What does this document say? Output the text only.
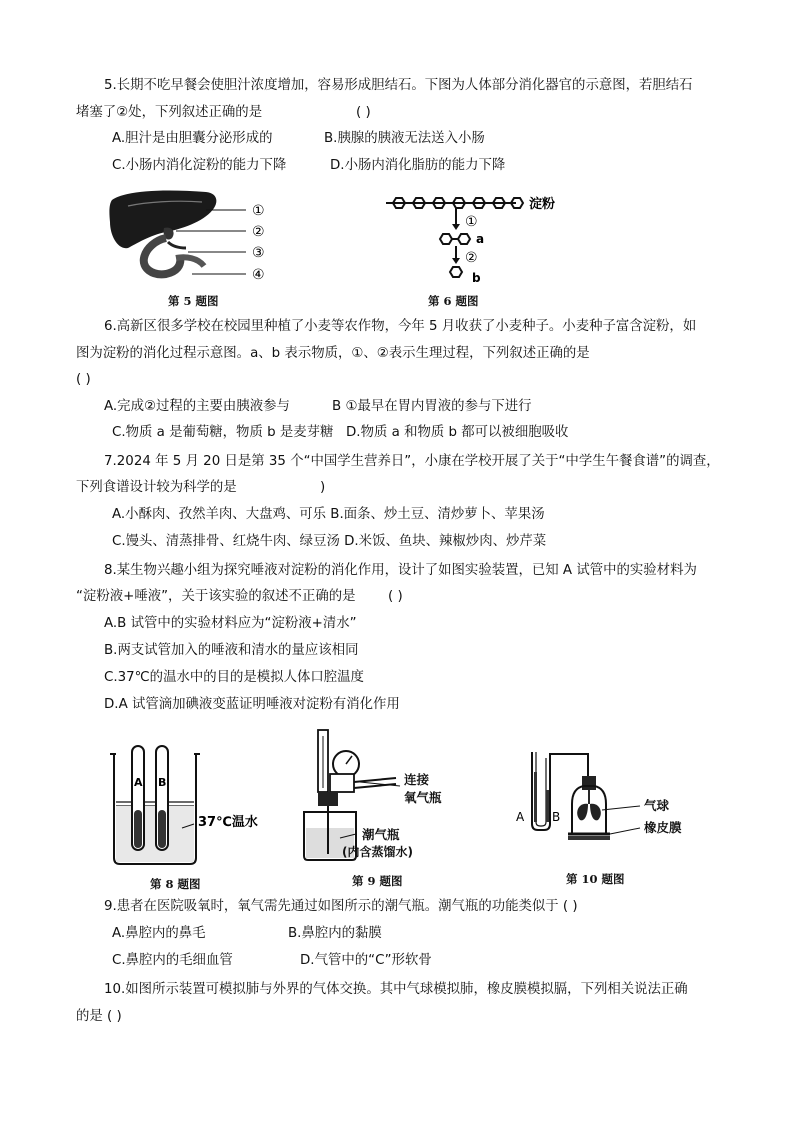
5.长期不吃早餐会使胆汁浓度增加，容易形成胆结石。下图为人体部分消化器官的示意图，若胆结石
堵塞了②处，下列叙述正确的是	( )
A.胆汁是由胆囊分泌形成的	B.胰腺的胰液无法送入小肠
C.小肠内消化淀粉的能力下降	D.小肠内消化脂肪的能力下降
①
②
③
④
第 5 题图
淀粉
①
a
②
b
第 6 题图
6.高新区很多学校在校园里种植了小麦等农作物，今年 5 月收获了小麦种子。小麦种子富含淀粉，如
图为淀粉的消化过程示意图。a、b 表示物质，①、②表示生理过程，下列叙述正确的是
( )
A.完成②过程的主要由胰液参与	B ①最早在胃内胃液的参与下进行
C.物质 a 是葡萄糖，物质 b 是麦芽糖 D.物质 a 和物质 b 都可以被细胞吸收
7.2024 年 5 月 20 日是第 35 个“中国学生营养日”，小康在学校开展了关于“中学生午餐食谱”的调查，
下列食谱设计较为科学的是	)
A.小酥肉、孜然羊肉、大盘鸡、可乐 B.面条、炒土豆、清炒萝卜、苹果汤
C.馒头、清蒸排骨、红烧牛肉、绿豆汤 D.米饭、鱼块、辣椒炒肉、炒芹菜
8.某生物兴趣小组为探究唾液对淀粉的消化作用，设计了如图实验装置，已知 A 试管中的实验材料为
“淀粉液+唾液”，关于该实验的叙述不正确的是 ( )
A.B 试管中的实验材料应为“淀粉液+清水”
B.两支试管加入的唾液和清水的量应该相同
C.37℃的温水中的目的是模拟人体口腔温度
D.A 试管滴加碘液变蓝证明唾液对淀粉有消化作用
A B
37℃温水
第 8 题图
连接
氧气瓶
潮气瓶
(内含蒸馏水)
第 9 题图
A B
气球
橡皮膜
第 10 题图
9.患者在医院吸氧时，氧气需先通过如图所示的潮气瓶。潮气瓶的功能类似于 ( )
A.鼻腔内的鼻毛	B.鼻腔内的黏膜
C.鼻腔内的毛细血管	D.气管中的“C”形软骨
10.如图所示装置可模拟肺与外界的气体交换。其中气球模拟肺，橡皮膜模拟膈，下列相关说法正确
的是 ( )
